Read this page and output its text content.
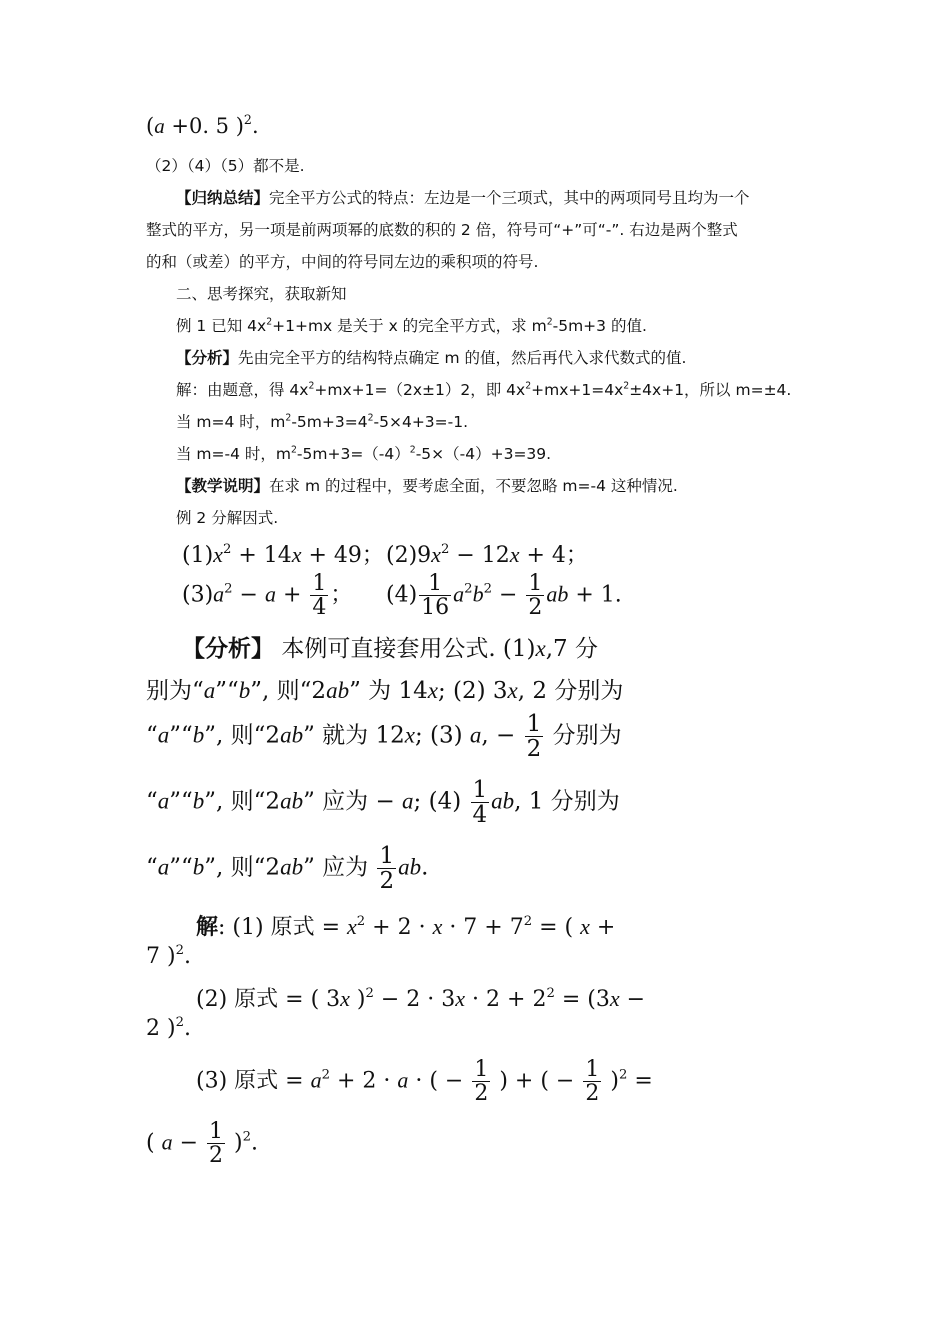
(a +0. 5 )$^2$.
（2）（4）（5）都不是.
【归纳总结】完全平方公式的特点：左边是一个三项式，其中的两项同号且均为一个
整式的平方，另一项是前两项幂的底数的积的 2 倍，符号可“+”可“-”. 右边是两个整式
的和（或差）的平方，中间的符号同左边的乘积项的符号.
二、思考探究，获取新知
例 1 已知 $4x^2+1+mx$ 是关于 x 的完全平方式，求 $m^2-5m+3$ 的值.
【分析】先由完全平方的结构特点确定 m 的值，然后再代入求代数式的值.
解：由题意，得 $4x^2+mx+1=(2x\pm 1)2$，即 $4x^2+mx+1=4x^2\pm 4x+1$，所以 m=±4.
当 m=4 时，$m^2-5m+3=4^2-5\times 4+3=-1$.
当 m=-4 时，$m^2-5m+3=(-4)^2-5\times(-4)+3=39$.
【教学说明】在求 m 的过程中，要考虑全面，不要忽略 m=-4 这种情况.
例 2 分解因式.
$(1)x^2 + 14x + 49$； $(2)9x^2 - 12x + 4$；
$(3)a^2 - a + \frac{1}{4}$ ； $(4) \frac{1}{16} a^2b^2 - \frac{1}{2}$ ab + 1.
【分析】 本例可直接套用公式. (1)x,7 分
别为“a”“b”, 则“2ab” 为 14x; (2) 3x, 2 分别为
“a”“b”, 则“2ab” 就为 12x; (3) a, − $\frac{1}{2}$ 分别为
“a”“b”, 则“2ab” 应为 − a; $(4) \frac{1}{4}$ ab, 1 分别为
“a”“b”, 则“2ab” 应为 $\frac{1}{2}$ ab.
解: (1) 原式 = $x^2 + 2 \cdot x \cdot 7 + 7^2$ = ( x +
7 )$^2$.
(2) 原式 = ( 3x )$^2 - 2 \cdot 3x \cdot 2 + 2^2 = (3x$ −
2 )$^2$.
(3) 原式 = $a^2 + 2 \cdot a$ · ( − $\frac{1}{2}$ ) + ( − $\frac{1}{2} )^2$ =
( $a - \frac{1}{2} )^2$.
